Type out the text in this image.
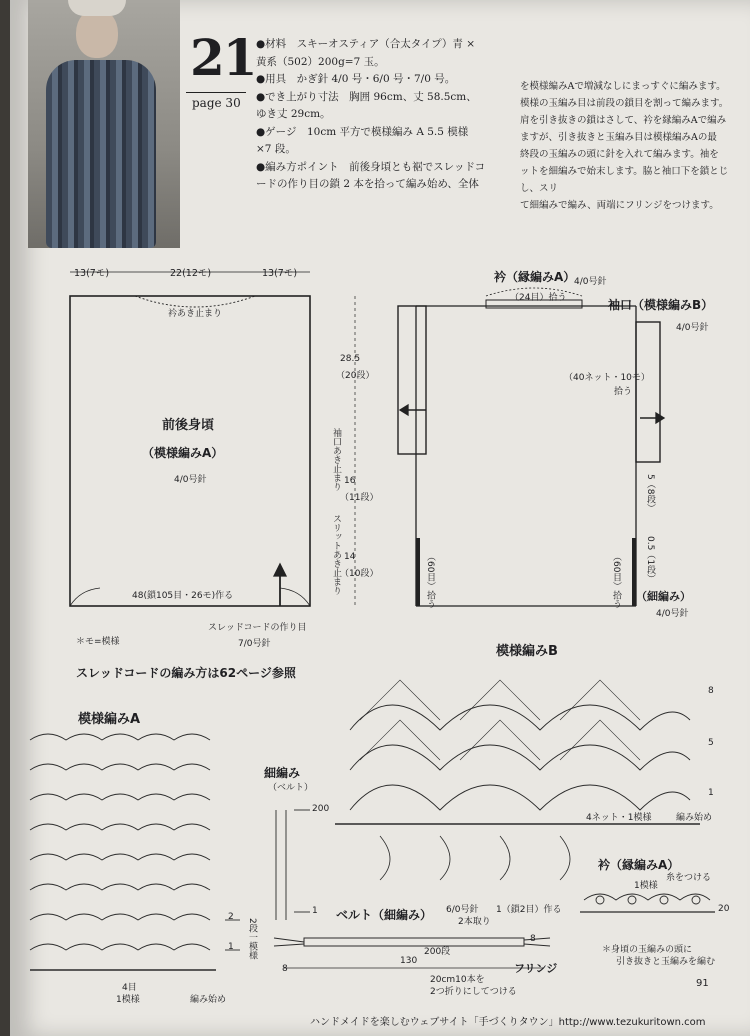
21
page 30
●材料　スキーオスティア（合太タイプ）青 ×
黄系（502）200g=7 玉。
●用具　かぎ針 4/0 号・6/0 号・7/0 号。
●でき上がり寸法　胸囲 96cm、丈 58.5cm、
ゆき丈 29cm。
●ゲージ　10cm 平方で模様編み A 5.5 模様
×7 段。
●編み方ポイント　前後身頃とも裾でスレッドコ
ードの作り目の鎖 2 本を拾って編み始め、全体
を模様編みAで増減なしにまっすぐに編みます。
模様の玉編み目は前段の鎖目を割って編みます。
肩を引き抜きの鎖はさして、衿を縁編みAで編み
ますが、引き抜きと玉編み目は模様編みAの最
終段の玉編みの頭に針を入れて編みます。袖を
ットを細編みで始末します。脇と袖口下を鎖とじし、スリ
て細編みで編み、両端にフリンジをつけます。
13(7モ)	22(12モ)	13(7モ)
衿あき止まり
前後身頃
（模様編みA）
4/0号針
28.5
（20段）
袖口あき止まり 16
（11段）
スリットあき止まり 14
（10段）
48(鎖105目・26モ)作る
スレッドコードの作り目
7/0号針
＊モ=模様
衿（縁編みA）
4/0号針
（24目）拾う	袖口（模様編みB）
4/0号針
（40ネット・10モ）
拾う
5（8段）
0.5（1段）
（60目）拾う	（60目）拾う （細編み）
4/0号針
スレッドコードの編み方は62ページ参照
模様編みA
2
1 2段一模様
4目
1模様	編み始め
細編み
（ベルト）
200
1
模様編みB
8
5
1
4ネット・1模様	編み始め
ベルト（細編み） 6/0号針
2本取り
1（鎖2目）作る
8
8
130
200段
フリンジ
20cm10本を
2つ折りにしてつける
衿（縁編みA）
1模様
糸をつける
20
＊身頃の玉編みの頭に
引き抜きと玉編みを編む
91
ハンドメイドを楽しむウェブサイト「手づくりタウン」http://www.tezukuritown.com
